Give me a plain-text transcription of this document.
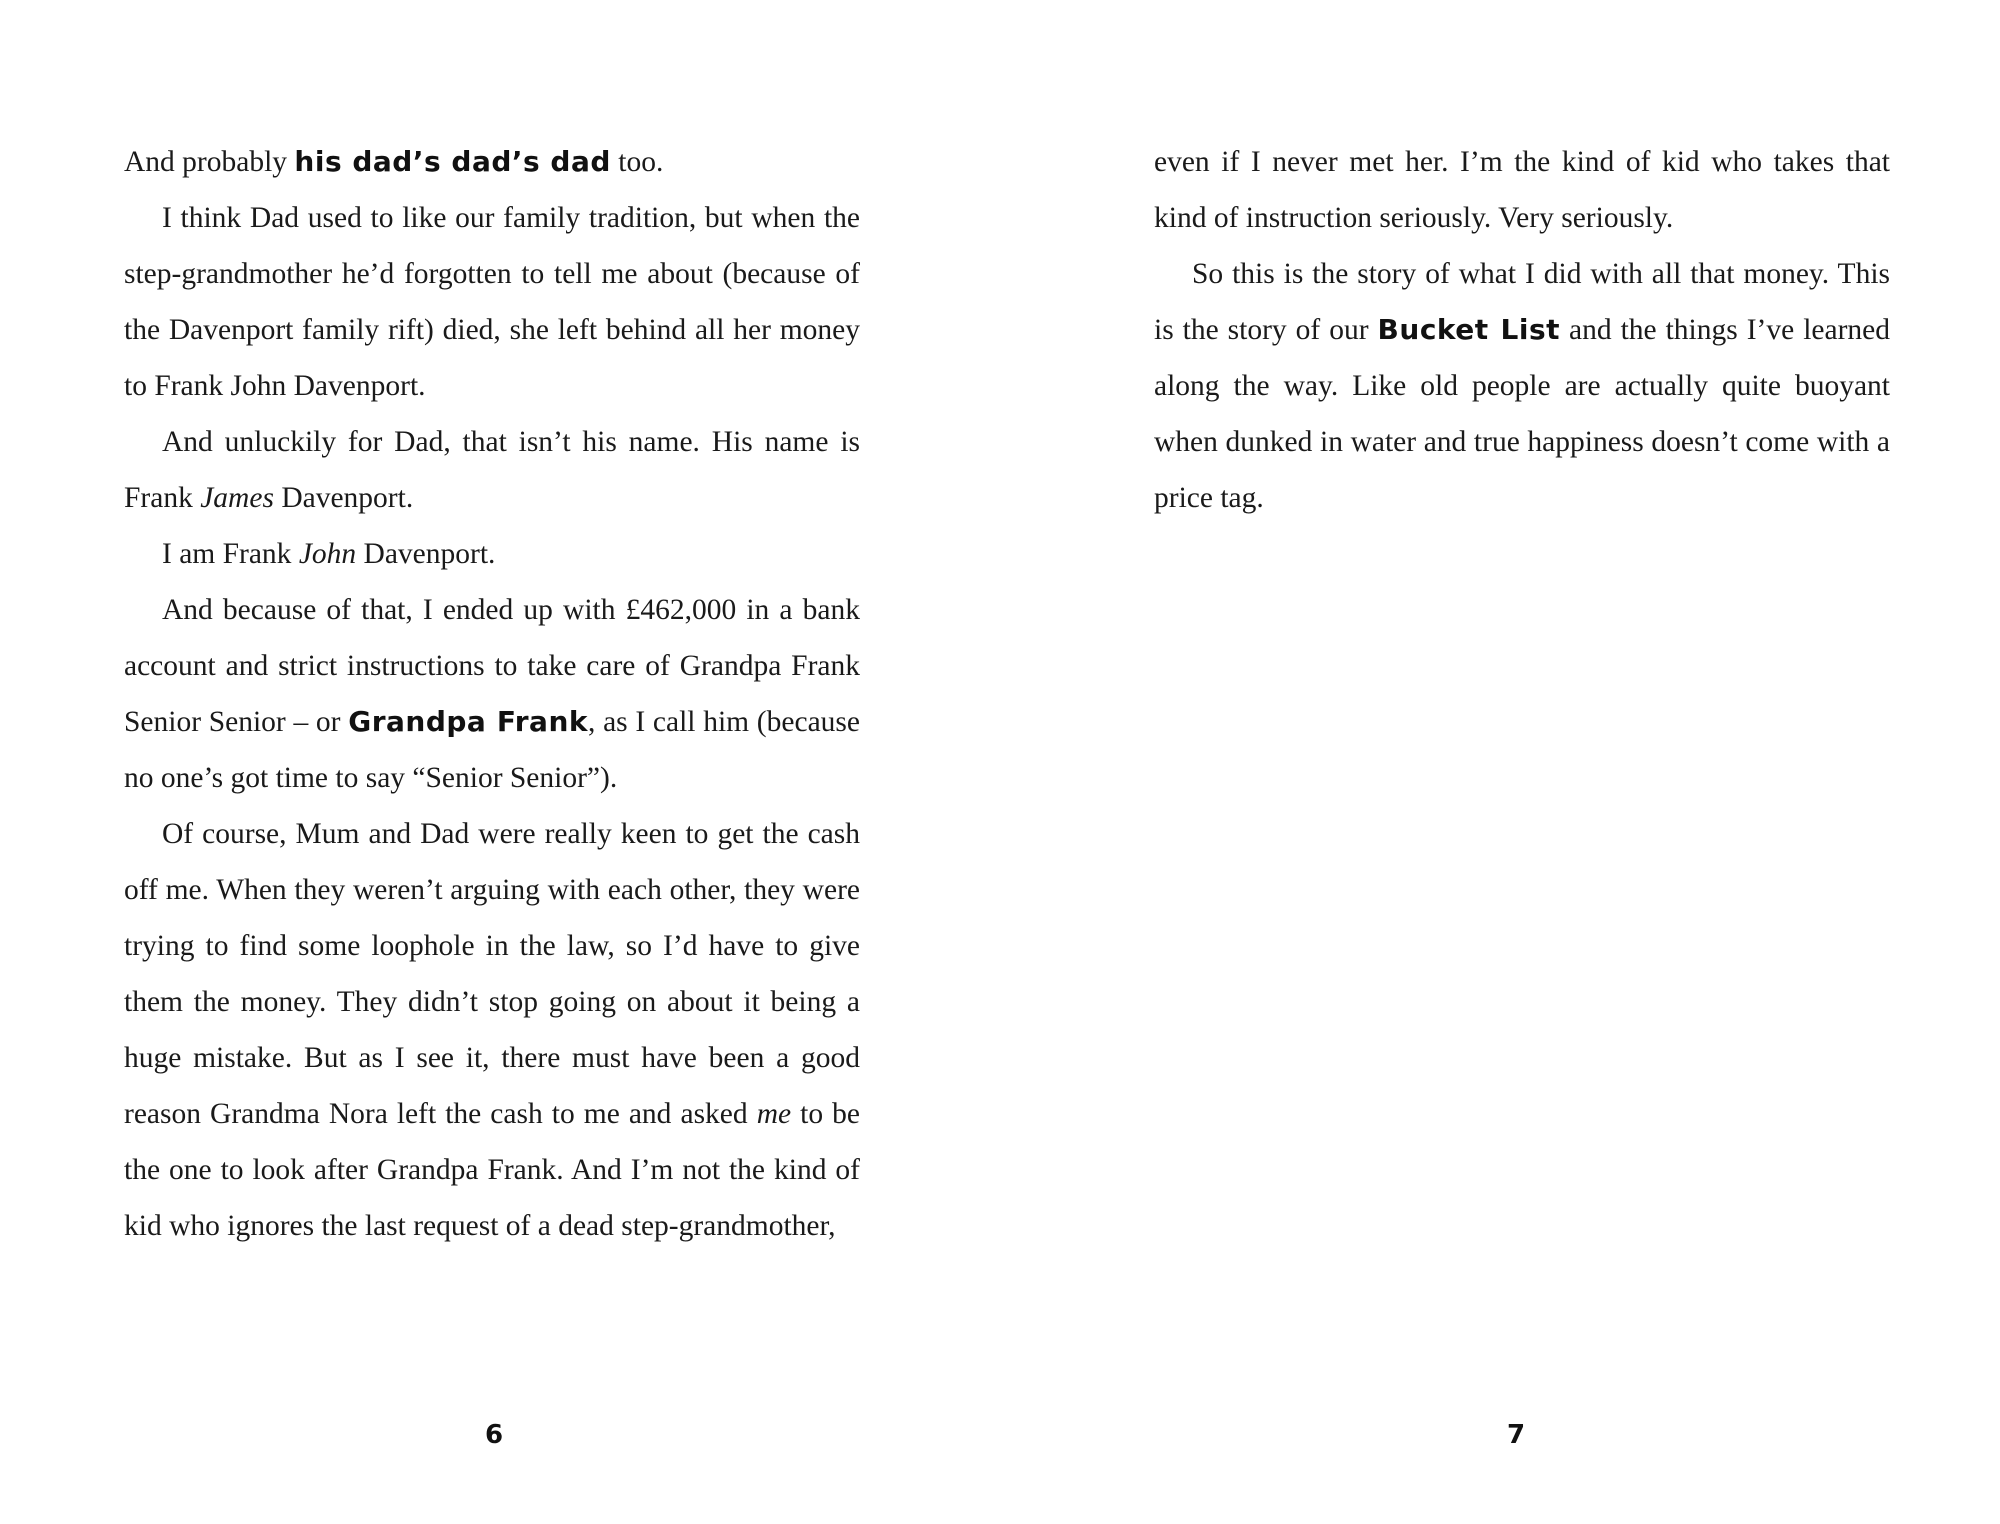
And probably his dad’s dad’s dad too.

I think Dad used to like our family tradition, but when the step-grandmother he’d forgotten to tell me about (because of the Davenport family rift) died, she left behind all her money to Frank John Davenport.

And unluckily for Dad, that isn’t his name. His name is Frank James Davenport.

I am Frank John Davenport.

And because of that, I ended up with £462,000 in a bank account and strict instructions to take care of Grandpa Frank Senior Senior – or Grandpa Frank, as I call him (because no one’s got time to say “Senior Senior”).

Of course, Mum and Dad were really keen to get the cash off me. When they weren’t arguing with each other, they were trying to find some loophole in the law, so I’d have to give them the money. They didn’t stop going on about it being a huge mistake. But as I see it, there must have been a good reason Grandma Nora left the cash to me and asked me to be the one to look after Grandpa Frank. And I’m not the kind of kid who ignores the last request of a dead step-grandmother,

6

even if I never met her. I’m the kind of kid who takes that kind of instruction seriously. Very seriously.

So this is the story of what I did with all that money. This is the story of our Bucket List and the things I’ve learned along the way. Like old people are actually quite buoyant when dunked in water and true happiness doesn’t come with a price tag.

7
